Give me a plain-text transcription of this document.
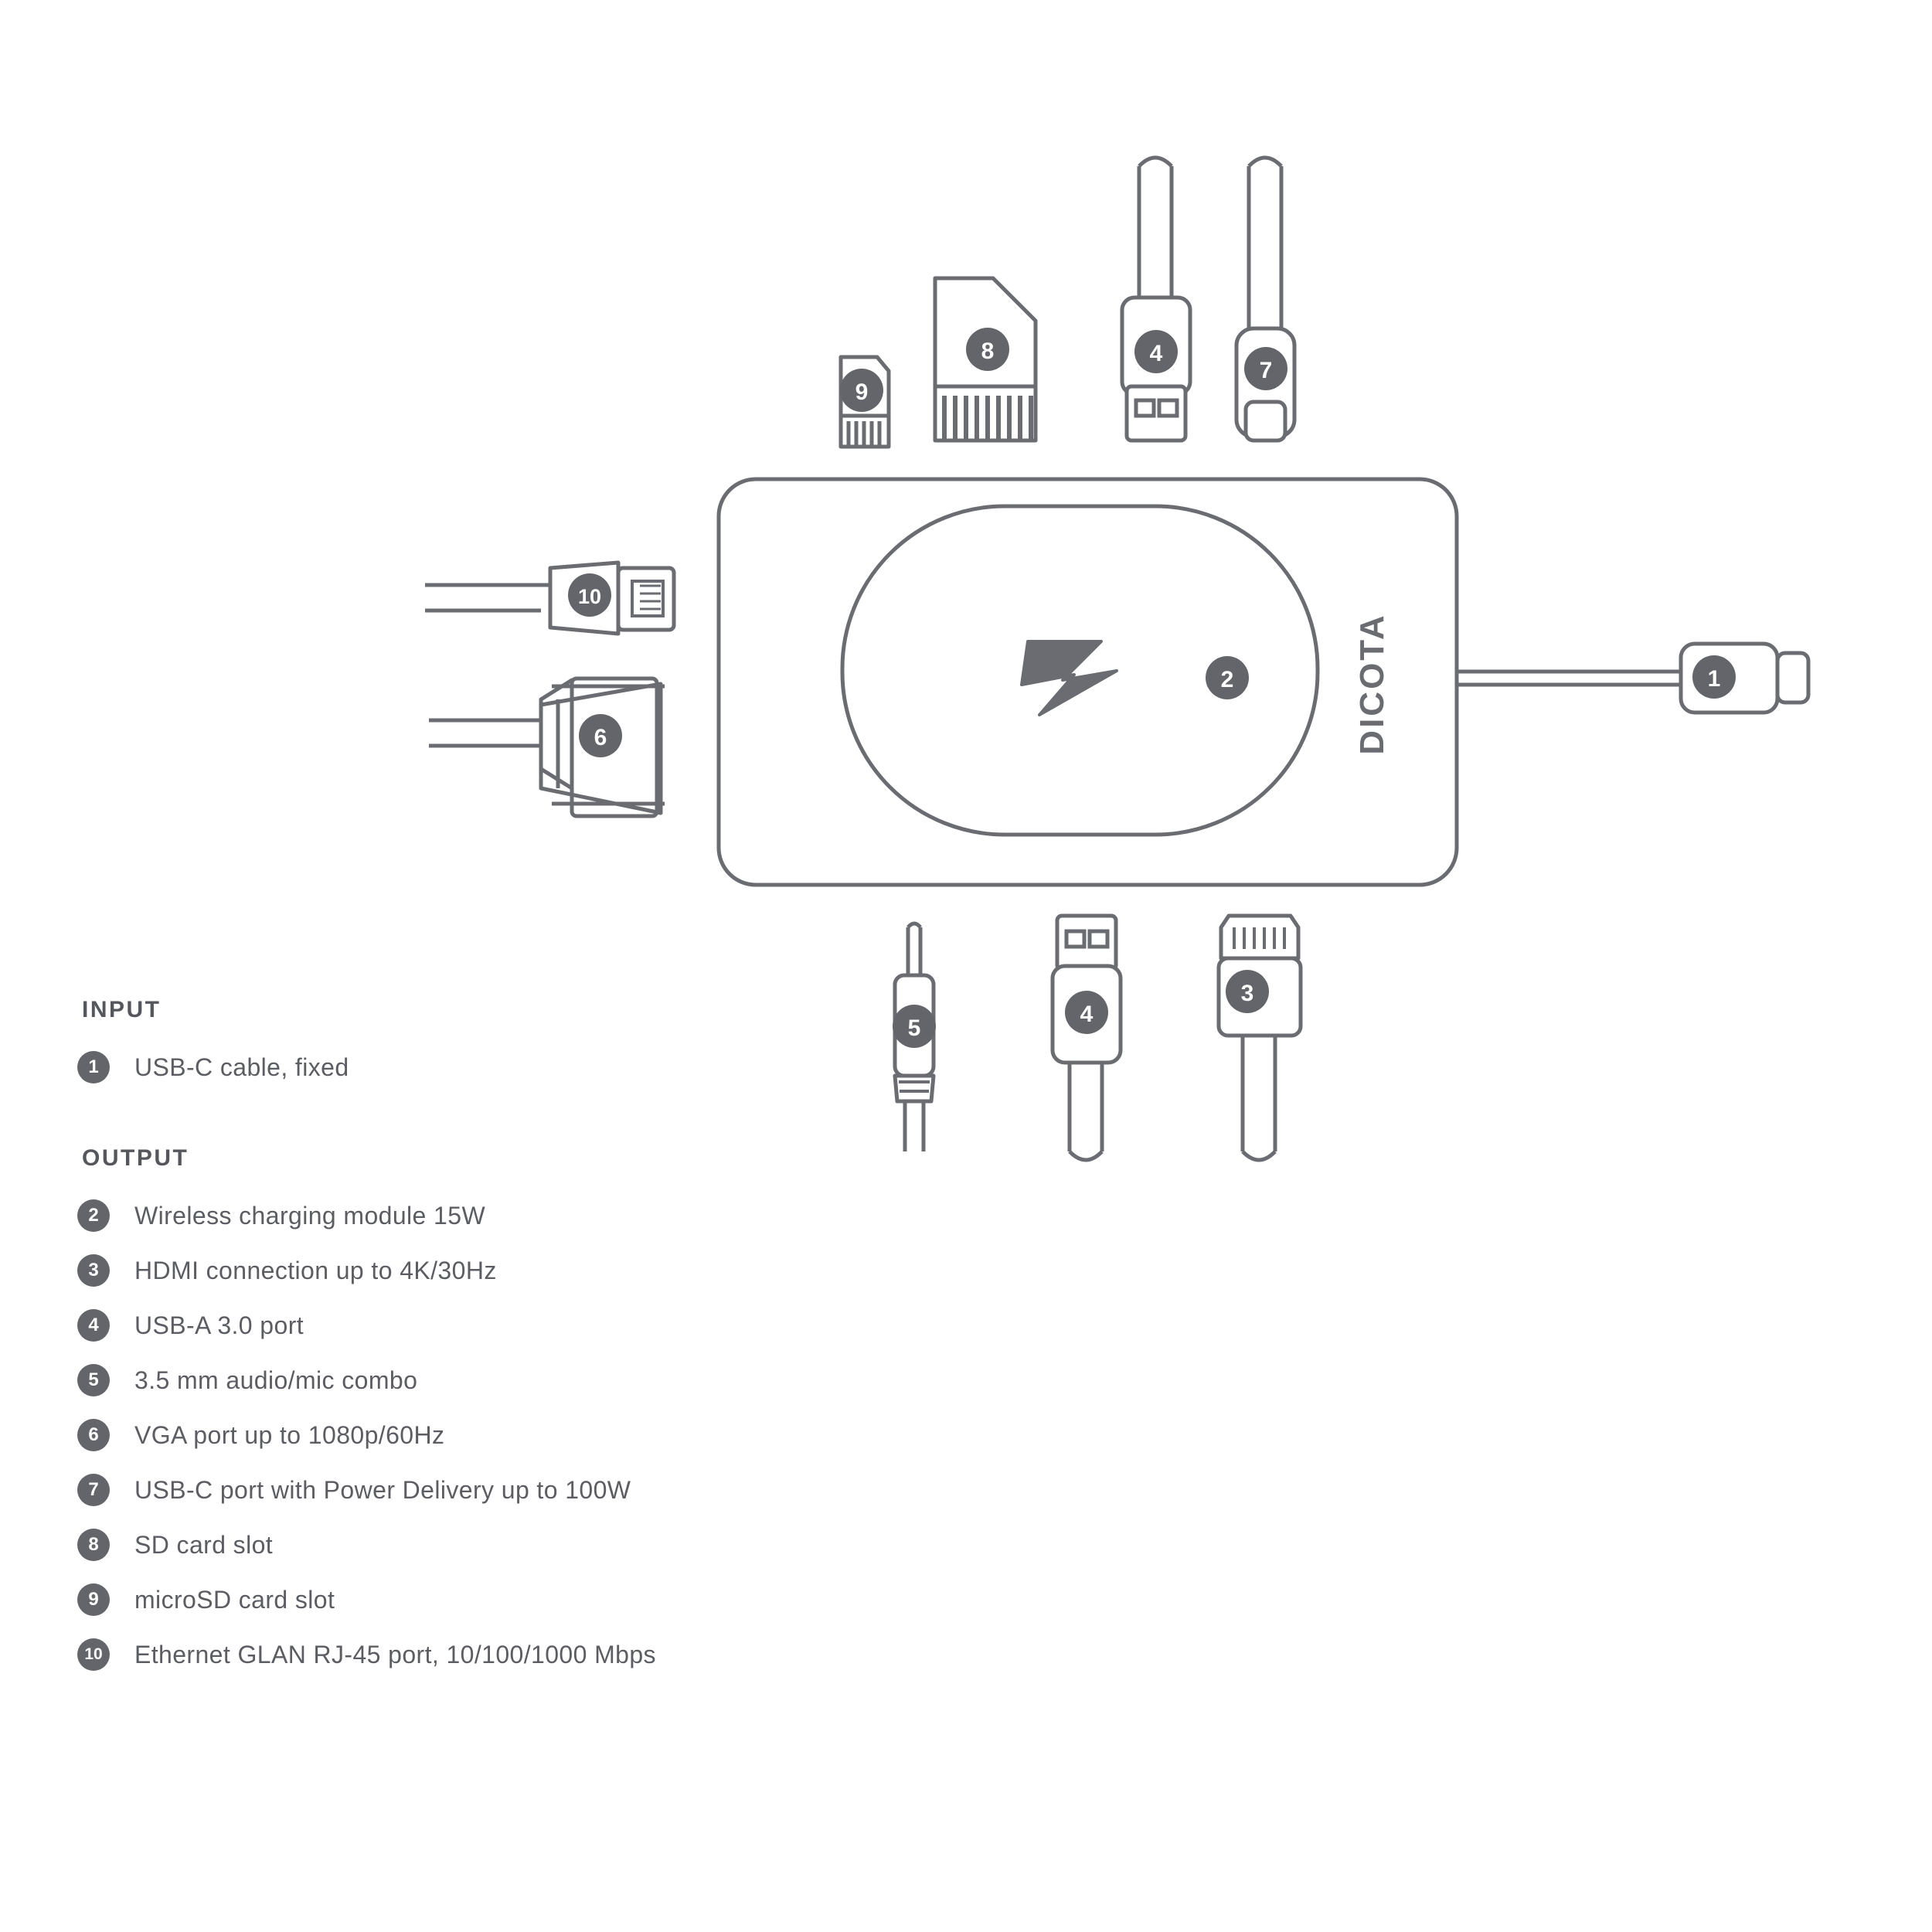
DICOTA	1
2
3
4
4
5
6
7
8
9
10
INPUT
1	USB-C cable, fixed
OUTPUT
2	Wireless charging module 15W
3	HDMI connection up to 4K/30Hz
4	USB-A 3.0 port
5	3.5 mm audio/mic combo
6	VGA port up to 1080p/60Hz
7	USB-C port with Power Delivery up to 100W
8	SD card slot
9	microSD card slot
10 Ethernet GLAN RJ-45 port, 10/100/1000 Mbps
